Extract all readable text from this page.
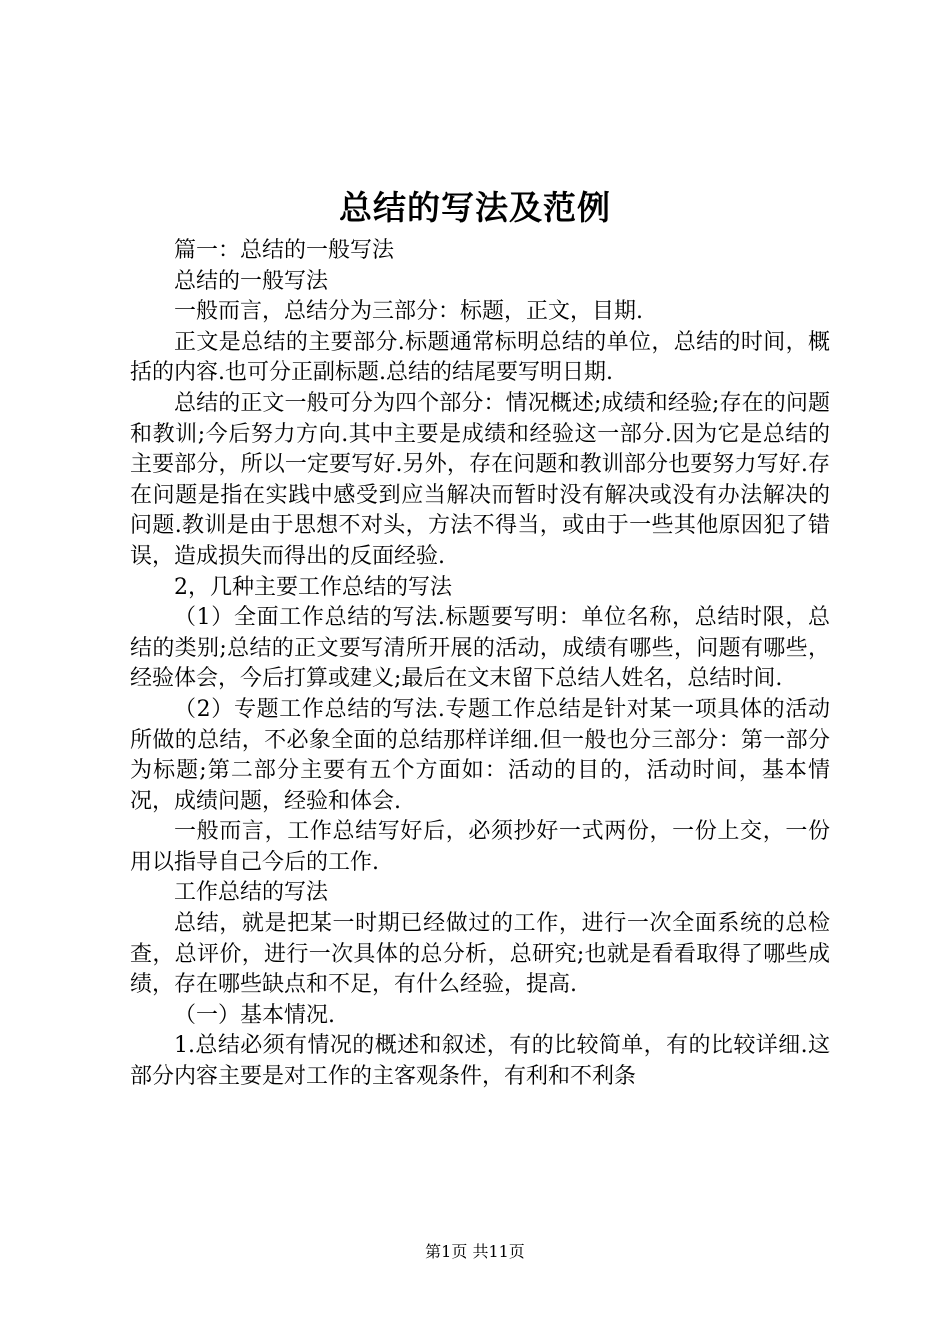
总结的写法及范例

篇一：总结的一般写法

总结的一般写法

一般而言，总结分为三部分：标题，正文，目期.

正文是总结的主要部分.标题通常标明总结的单位，总结的时间，概括的内容.也可分正副标题.总结的结尾要写明日期.

总结的正文一般可分为四个部分：情况概述;成绩和经验;存在的问题和教训;今后努力方向.其中主要是成绩和经验这一部分.因为它是总结的主要部分，所以一定要写好.另外，存在问题和教训部分也要努力写好.存在问题是指在实践中感受到应当解决而暂时没有解决或没有办法解决的问题.教训是由于思想不对头，方法不得当，或由于一些其他原因犯了错误，造成损失而得出的反面经验.

2，几种主要工作总结的写法

（1）全面工作总结的写法.标题要写明：单位名称，总结时限，总结的类别;总结的正文要写清所开展的活动，成绩有哪些，问题有哪些，经验体会，今后打算或建义;最后在文末留下总结人姓名，总结时间.

（2）专题工作总结的写法.专题工作总结是针对某一项具体的活动所做的总结，不必象全面的总结那样详细.但一般也分三部分：第一部分为标题;第二部分主要有五个方面如：活动的目的，活动时间，基本情况，成绩问题，经验和体会.

一般而言，工作总结写好后，必须抄好一式两份，一份上交，一份用以指导自己今后的工作.

工作总结的写法

总结，就是把某一时期已经做过的工作，进行一次全面系统的总检查，总评价，进行一次具体的总分析，总研究;也就是看看取得了哪些成绩，存在哪些缺点和不足，有什么经验，提高.

（一）基本情况.

1.总结必须有情况的概述和叙述，有的比较简单，有的比较详细.这部分内容主要是对工作的主客观条件，有利和不利条

第1页 共11页
